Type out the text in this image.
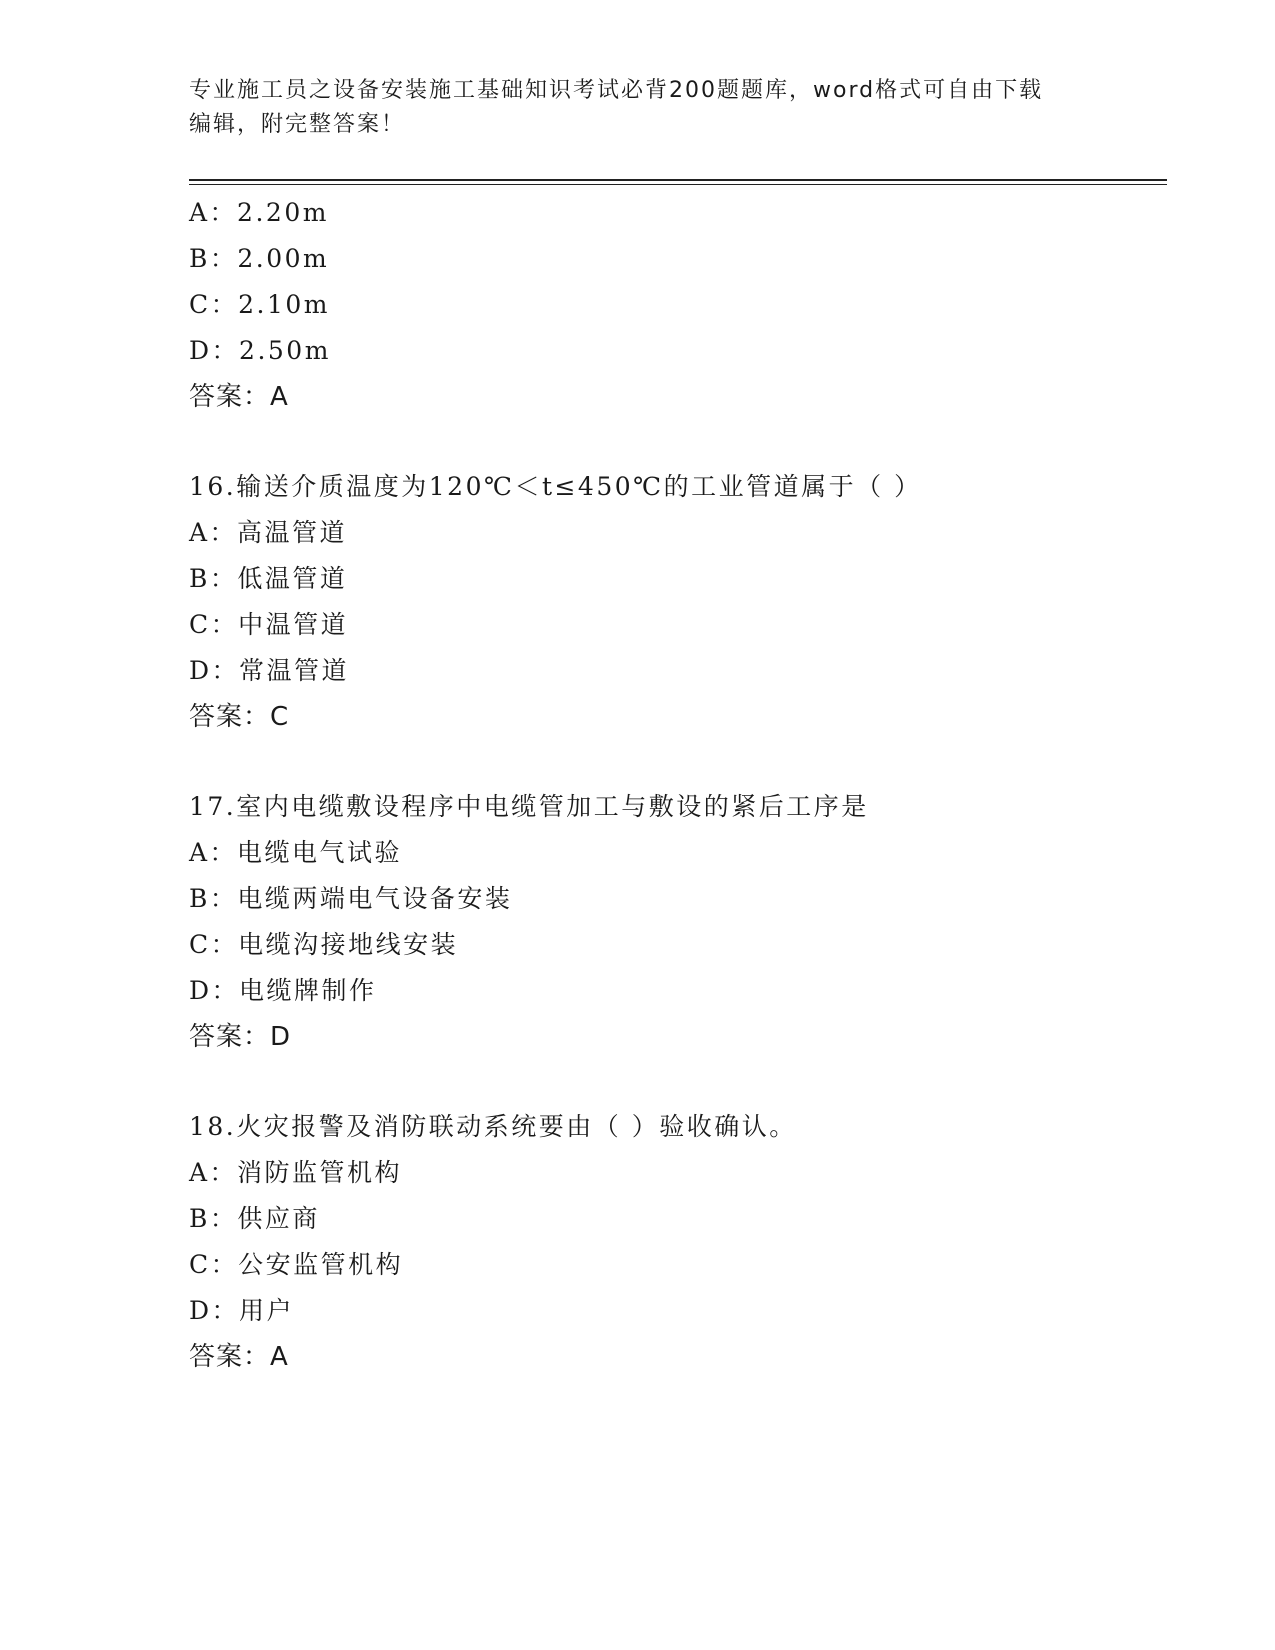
专业施工员之设备安装施工基础知识考试必背200题题库，word格式可自由下载
编辑，附完整答案！
A：2.20m
B：2.00m
C：2.10m
D：2.50m
答案：A
16.输送介质温度为120℃＜t≤450℃的工业管道属于（ ）
A：高温管道
B：低温管道
C：中温管道
D：常温管道
答案：C
17.室内电缆敷设程序中电缆管加工与敷设的紧后工序是
A：电缆电气试验
B：电缆两端电气设备安装
C：电缆沟接地线安装
D：电缆牌制作
答案：D
18.火灾报警及消防联动系统要由（ ）验收确认。
A：消防监管机构
B：供应商
C：公安监管机构
D：用户
答案：A
